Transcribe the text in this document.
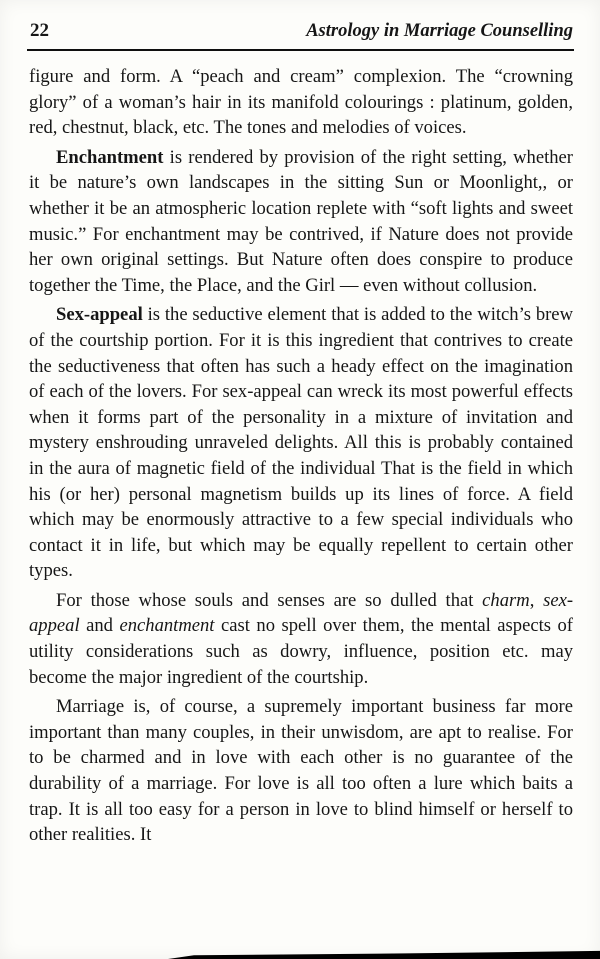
22	Astrology in Marriage Counselling

figure and form. A “peach and cream” complexion. The “crowning glory” of a woman’s hair in its manifold colourings : platinum, golden, red, chestnut, black, etc. The tones and melodies of voices.

Enchantment is rendered by provision of the right setting, whether it be nature’s own landscapes in the sitting Sun or Moonlight,, or whether it be an atmospheric location replete with “soft lights and sweet music.” For enchantment may be contrived, if Nature does not provide her own original settings. But Nature often does conspire to produce together the Time, the Place, and the Girl — even without collusion.

Sex-appeal is the seductive element that is added to the witch’s brew of the courtship portion. For it is this ingredient that contrives to create the seductiveness that often has such a heady effect on the imagination of each of the lovers. For sex-appeal can wreck its most powerful effects when it forms part of the personality in a mixture of invitation and mystery enshrouding unraveled delights. All this is probably contained in the aura of magnetic field of the individual That is the field in which his (or her) personal magnetism builds up its lines of force. A field which may be enormously attractive to a few special individuals who contact it in life, but which may be equally repellent to certain other types.

For those whose souls and senses are so dulled that charm, sex-appeal and enchantment cast no spell over them, the mental aspects of utility considerations such as dowry, influence, position etc. may become the major ingredient of the courtship.

Marriage is, of course, a supremely important business far more important than many couples, in their unwisdom, are apt to realise. For to be charmed and in love with each other is no guarantee of the durability of a marriage. For love is all too often a lure which baits a trap. It is all too easy for a person in love to blind himself or herself to other realities. It
